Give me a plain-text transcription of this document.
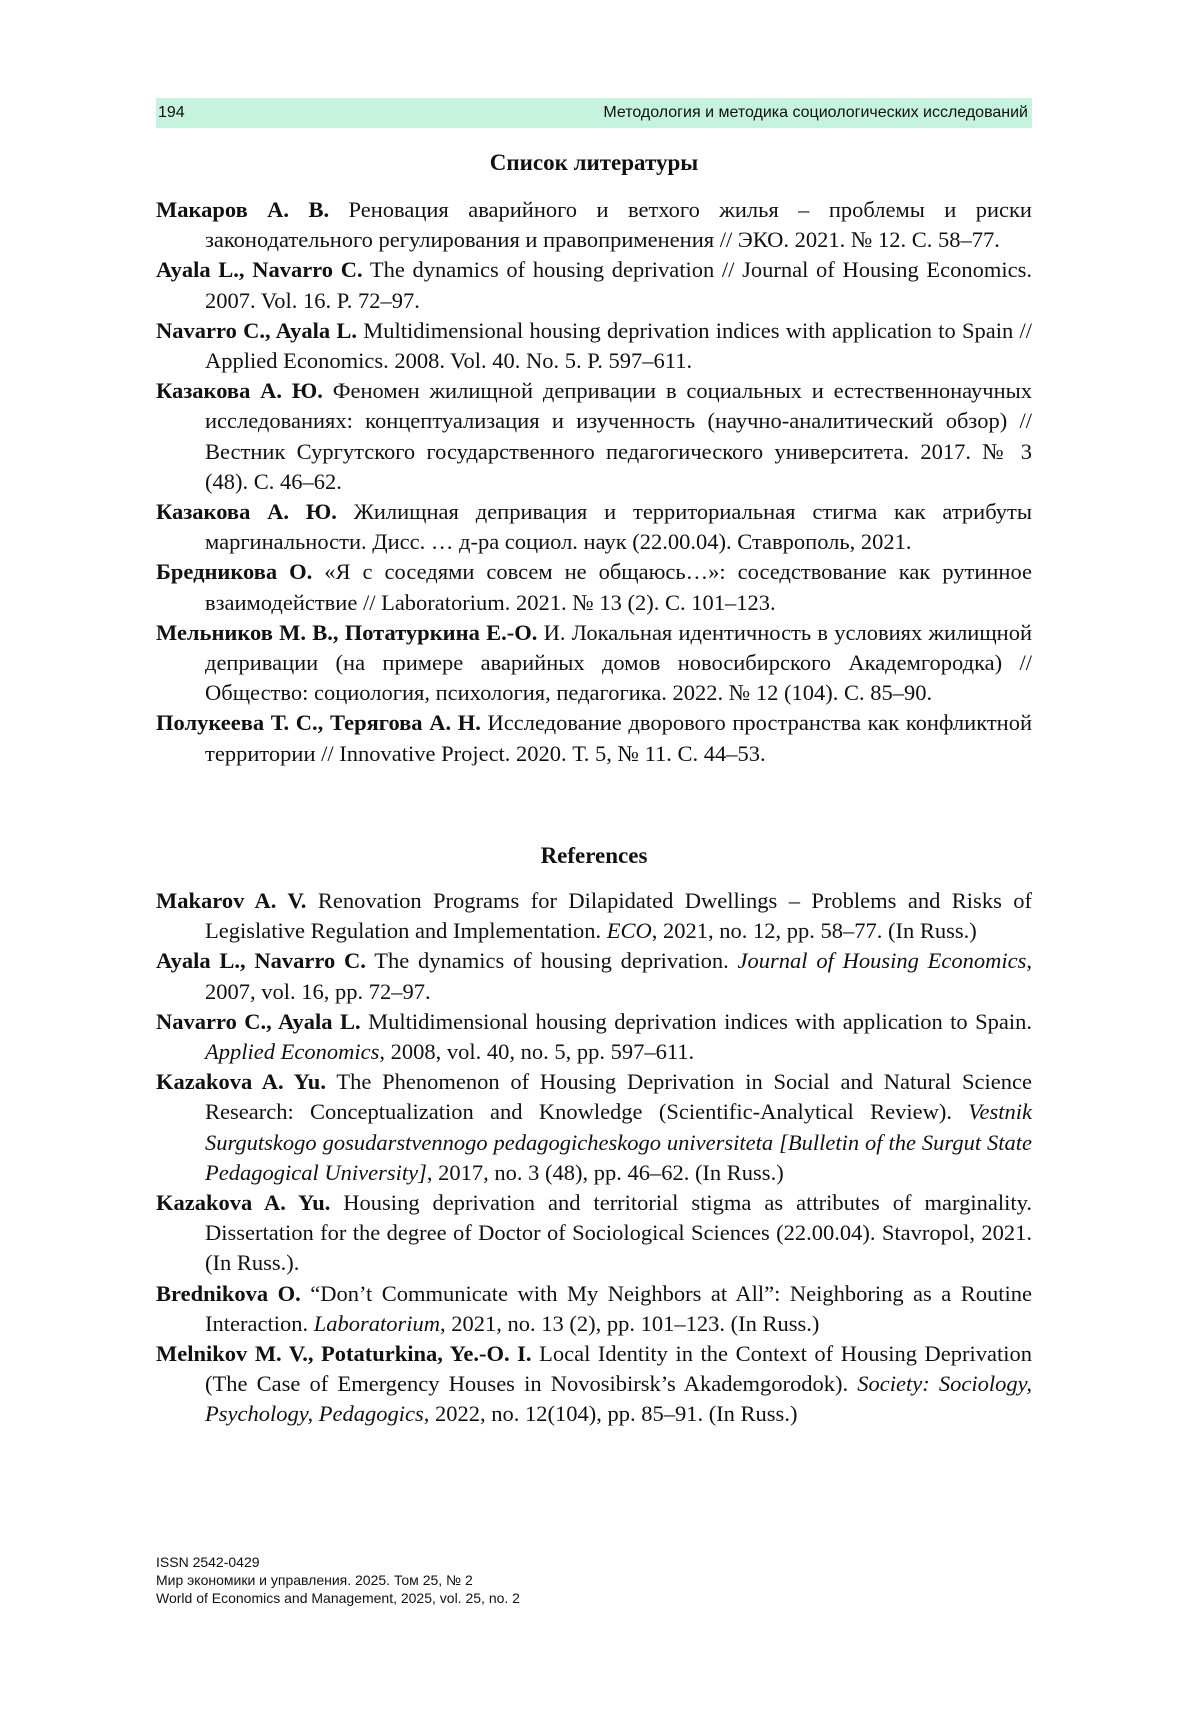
194	Методология и методика социологических исследований
Список литературы

Макаров А. В. Реновация аварийного и ветхого жилья – проблемы и риски законодательного регулирования и правоприменения // ЭКО. 2021. № 12. С. 58–77.

Ayala L., Navarro C. The dynamics of housing deprivation // Journal of Housing Economics. 2007. Vol. 16. P. 72–97.

Navarro C., Ayala L. Multidimensional housing deprivation indices with application to Spain // Applied Economics. 2008. Vol. 40. No. 5. P. 597–611.

Казакова А. Ю. Феномен жилищной депривации в социальных и естественнонаучных исследованиях: концептуализация и изученность (научно-аналитический обзор) // Вестник Сургутского государственного педагогического университета. 2017. № 3 (48). С. 46–62.

Казакова А. Ю. Жилищная депривация и территориальная стигма как атрибуты маргинальности. Дисс. … д-ра социол. наук (22.00.04). Ставрополь, 2021.

Бредникова О. «Я с соседями совсем не общаюсь…»: соседствование как рутинное взаимодействие // Laboratorium. 2021. № 13 (2). С. 101–123.

Мельников М. В., Потатуркина Е.-О. И. Локальная идентичность в условиях жилищной депривации (на примере аварийных домов новосибирского Академгородка) // Общество: социология, психология, педагогика. 2022. № 12 (104). С. 85–90.

Полукеева Т. С., Терягова А. Н. Исследование дворового пространства как конфликтной территории // Innovative Project. 2020. Т. 5, № 11. С. 44–53.

References

Makarov A. V. Renovation Programs for Dilapidated Dwellings – Problems and Risks of Legislative Regulation and Implementation. ECO, 2021, no. 12, pp. 58–77. (In Russ.)

Ayala L., Navarro C. The dynamics of housing deprivation. Journal of Housing Economics, 2007, vol. 16, pp. 72–97.

Navarro C., Ayala L. Multidimensional housing deprivation indices with application to Spain. Applied Economics, 2008, vol. 40, no. 5, pp. 597–611.

Kazakova A. Yu. The Phenomenon of Housing Deprivation in Social and Natural Science Research: Conceptualization and Knowledge (Scientific-Analytical Review). Vestnik Surgutskogo gosudarstvennogo pedagogicheskogo universiteta [Bulletin of the Surgut State Pedagogical University], 2017, no. 3 (48), pp. 46–62. (In Russ.)

Kazakova A. Yu. Housing deprivation and territorial stigma as attributes of marginality. Dissertation for the degree of Doctor of Sociological Sciences (22.00.04). Stavropol, 2021. (In Russ.).

Brednikova O. “Don’t Communicate with My Neighbors at All”: Neighboring as a Routine Interaction. Laboratorium, 2021, no. 13 (2), pp. 101–123. (In Russ.)

Melnikov M. V., Potaturkina, Ye.-O. I. Local Identity in the Context of Housing Deprivation (The Case of Emergency Houses in Novosibirsk’s Akademgorodok). Society: Sociology, Psychology, Pedagogics, 2022, no. 12(104), pp. 85–91. (In Russ.)

ISSN 2542-0429
Мир экономики и управления. 2025. Том 25, № 2
World of Economics and Management, 2025, vol. 25, no. 2
